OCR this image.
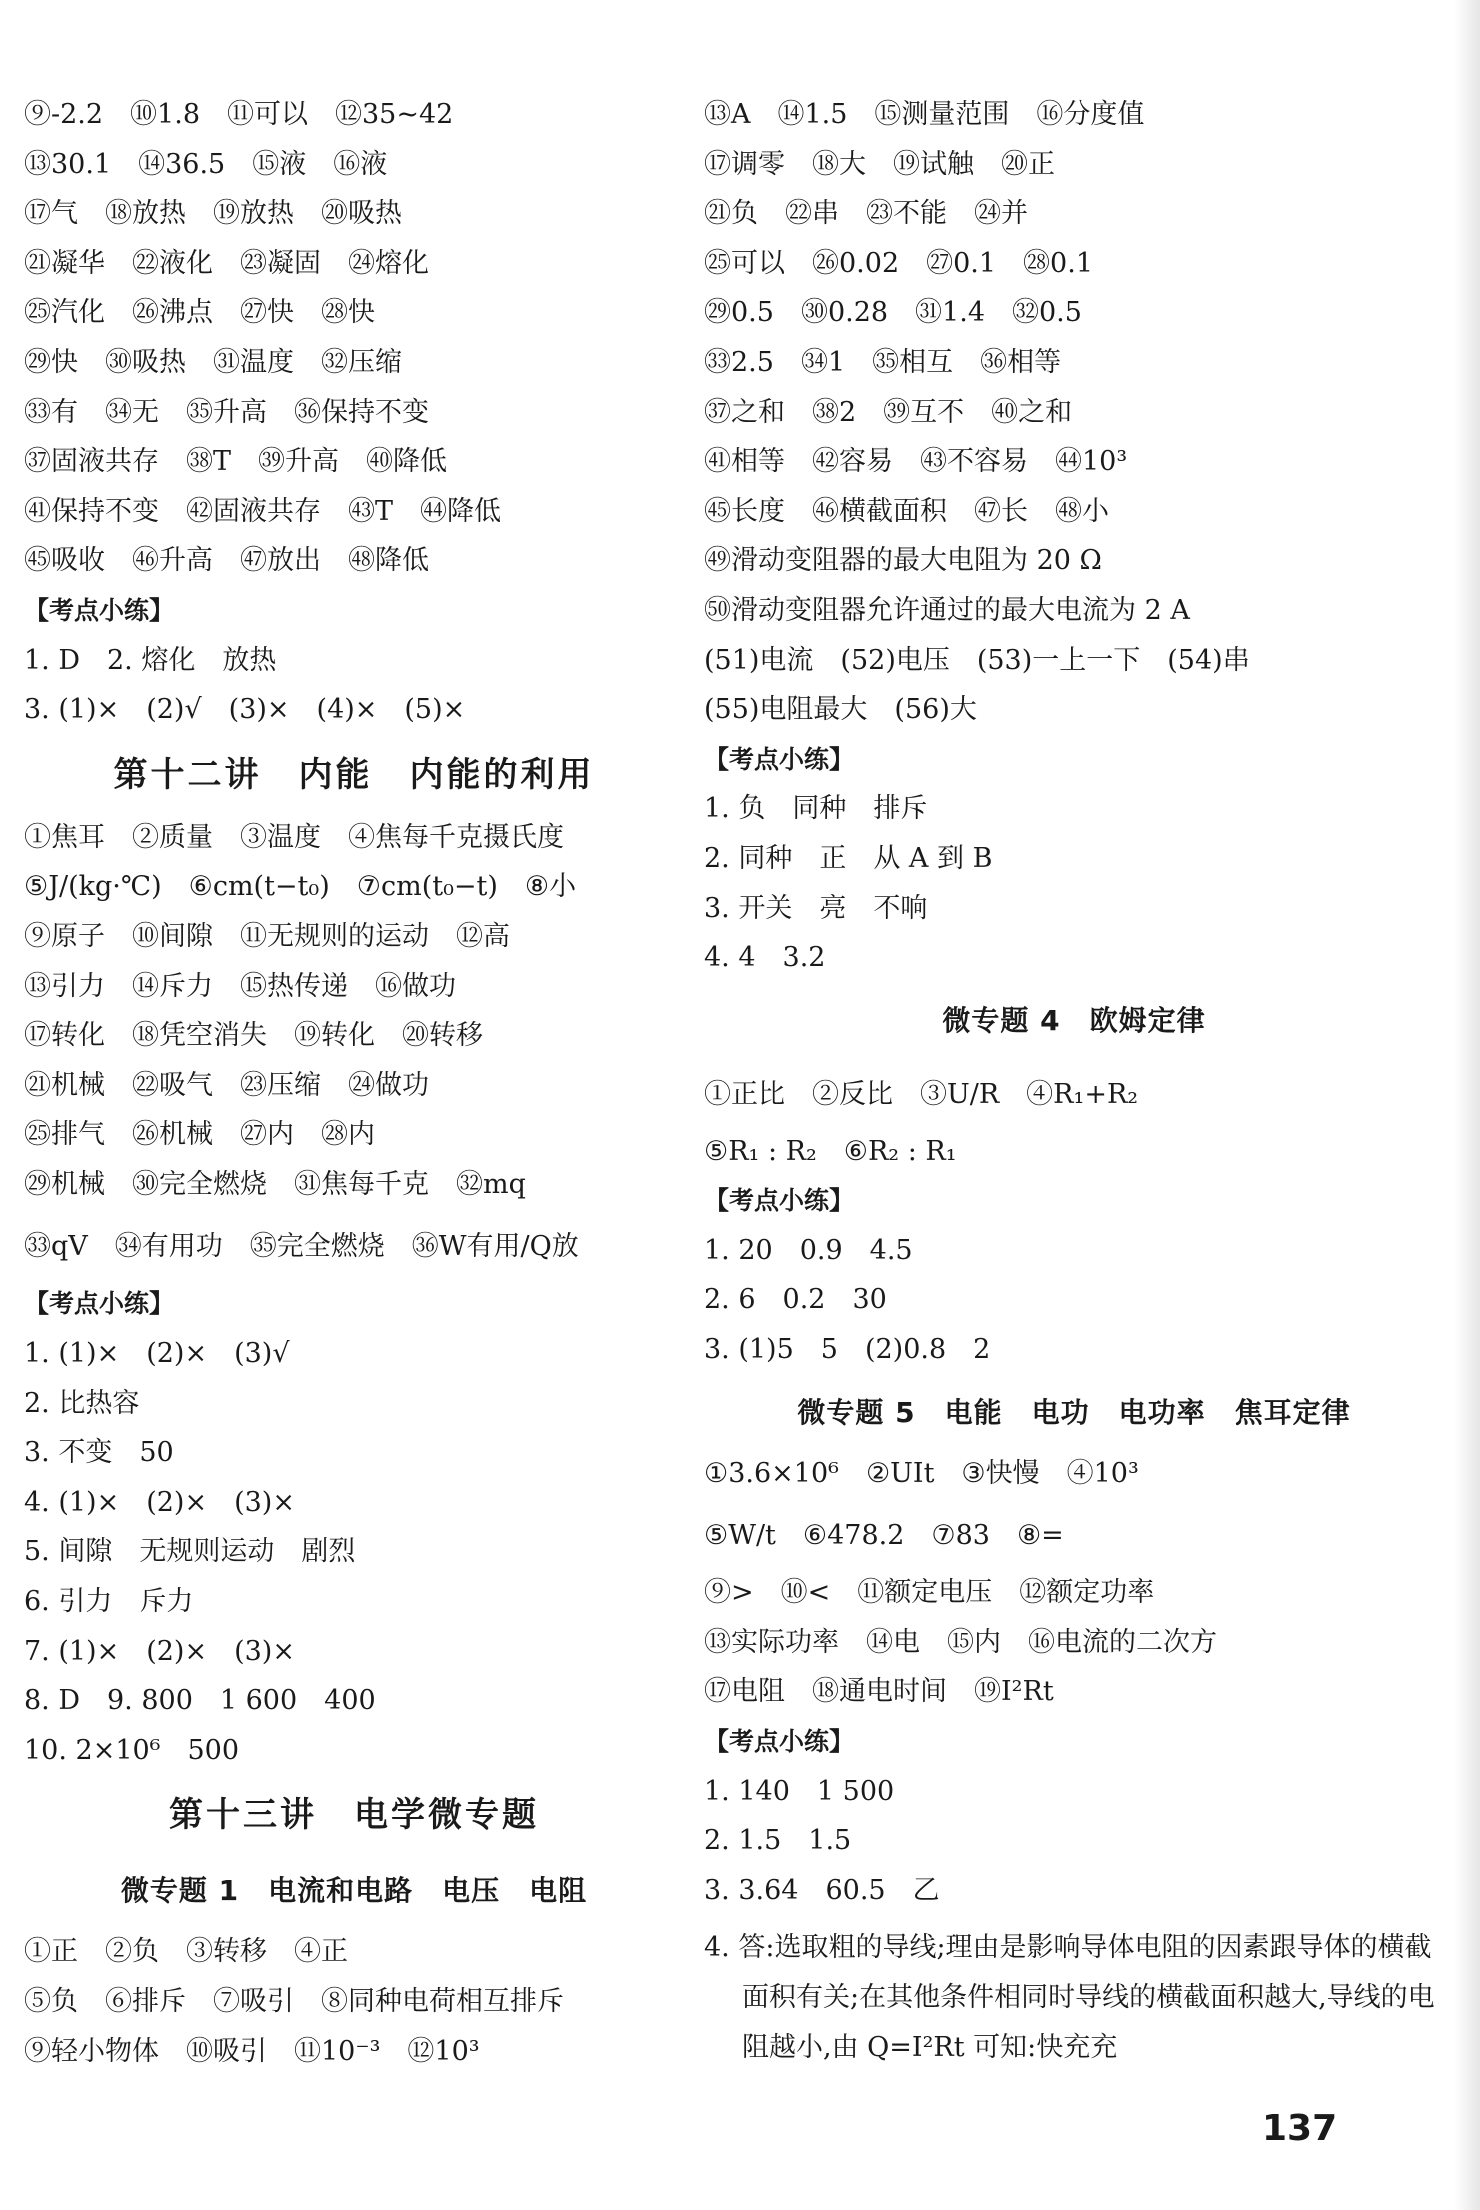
⑨-2.2　⑩1.8　⑪可以　⑫35~42
⑬30.1　⑭36.5　⑮液　⑯液
⑰气　⑱放热　⑲放热　⑳吸热
㉑凝华　㉒液化　㉓凝固　㉔熔化
㉕汽化　㉖沸点　㉗快　㉘快
㉙快　㉚吸热　㉛温度　㉜压缩
㉝有　㉞无　㉟升高　㊱保持不变
㊲固液共存　㊳T　㊴升高　㊵降低
㊶保持不变　㊷固液共存　㊸T　㊹降低
㊺吸收　㊻升高　㊼放出　㊽降低
【考点小练】
1. D　2. 熔化　放热
3. (1)×　(2)√　(3)×　(4)×　(5)×
第十二讲　内能　内能的利用
①焦耳　②质量　③温度　④焦每千克摄氏度
⑤J/(kg·℃)　⑥cm(t−t₀)　⑦cm(t₀−t)　⑧小
⑨原子　⑩间隙　⑪无规则的运动　⑫高
⑬引力　⑭斥力　⑮热传递　⑯做功
⑰转化　⑱凭空消失　⑲转化　⑳转移
㉑机械　㉒吸气　㉓压缩　㉔做功
㉕排气　㉖机械　㉗内　㉘内
㉙机械　㉚完全燃烧　㉛焦每千克　㉜mq
㉝qV　㉞有用功　㉟完全燃烧　㊱W有用/Q放
【考点小练】
1. (1)×　(2)×　(3)√
2. 比热容
3. 不变　50
4. (1)×　(2)×　(3)×
5. 间隙　无规则运动　剧烈
6. 引力　斥力
7. (1)×　(2)×　(3)×
8. D　9. 800　1 600　400
10. 2×10⁶　500
第十三讲　电学微专题
微专题 1　电流和电路　电压　电阻
①正　②负　③转移　④正
⑤负　⑥排斥　⑦吸引　⑧同种电荷相互排斥
⑨轻小物体　⑩吸引　⑪10⁻³　⑫10³
⑬A　⑭1.5　⑮测量范围　⑯分度值
⑰调零　⑱大　⑲试触　⑳正
㉑负　㉒串　㉓不能　㉔并
㉕可以　㉖0.02　㉗0.1　㉘0.1
㉙0.5　㉚0.28　㉛1.4　㉜0.5
㉝2.5　㉞1　㉟相互　㊱相等
㊲之和　㊳2　㊴互不　㊵之和
㊶相等　㊷容易　㊸不容易　㊹10³
㊺长度　㊻横截面积　㊼长　㊽小
㊾滑动变阻器的最大电阻为 20 Ω
㊿滑动变阻器允许通过的最大电流为 2 A
(51)电流　(52)电压　(53)一上一下　(54)串
(55)电阻最大　(56)大
【考点小练】
1. 负　同种　排斥
2. 同种　正　从 A 到 B
3. 开关　亮　不响
4. 4　3.2
微专题 4　欧姆定律
①正比　②反比　③U/R　④R₁+R₂
⑤R₁ : R₂　⑥R₂ : R₁
【考点小练】
1. 20　0.9　4.5
2. 6　0.2　30
3. (1)5　5　(2)0.8　2
微专题 5　电能　电功　电功率　焦耳定律
①3.6×10⁶　②UIt　③快慢　④10³
⑤W/t　⑥478.2　⑦83　⑧=
⑨>　⑩<　⑪额定电压　⑫额定功率
⑬实际功率　⑭电　⑮内　⑯电流的二次方
⑰电阻　⑱通电时间　⑲I²Rt
【考点小练】
1. 140　1 500
2. 1.5　1.5
3. 3.64　60.5　乙
4. 答:选取粗的导线;理由是影响导体电阻的因素跟导体的横截面积有关;在其他条件相同时导线的横截面积越大,导线的电阻越小,由 Q=I²Rt 可知:快充充
137
